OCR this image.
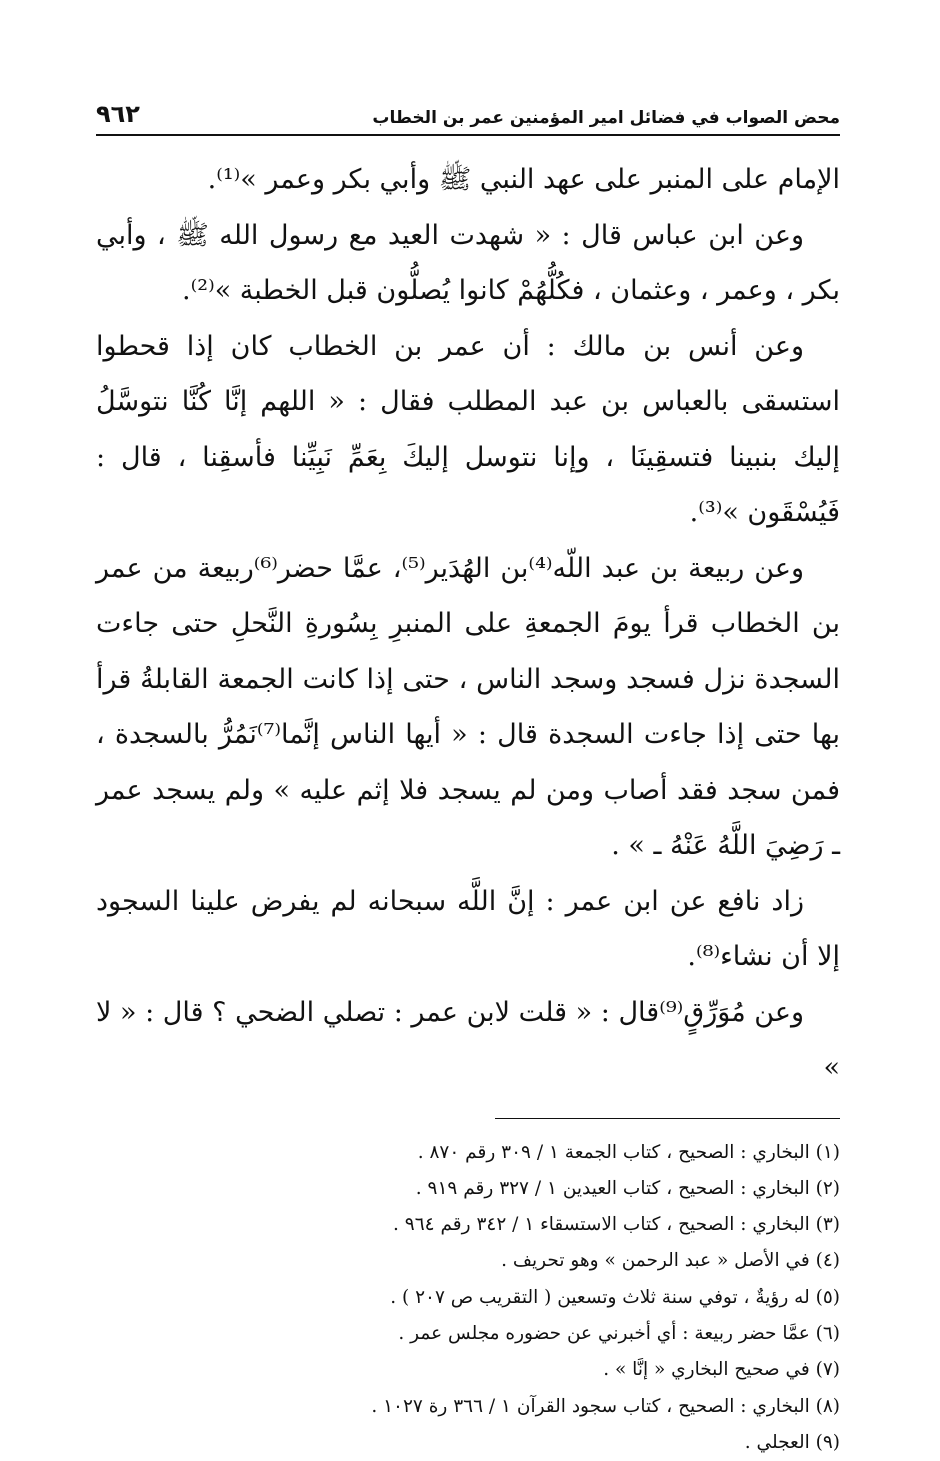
محض الصواب في فضائل امير المؤمنين عمر بن الخطاب
٩٦٢

الإمام على المنبر على عهد النبي ﷺ وأبي بكر وعمر »⁽¹⁾.

وعن ابن عباس قال : « شهدت العيد مع رسول الله ﷺ ، وأبي بكر ، وعمر ، وعثمان ، فكُلُّهُمْ كانوا يُصلُّون قبل الخطبة »⁽²⁾.

وعن أنس بن مالك : أن عمر بن الخطاب كان إذا قحطوا استسقى بالعباس بن عبد المطلب فقال : « اللهم إنَّا كُنَّا نتوسَّلُ إليك بنبينا فتسقِينَا ، وإنا نتوسل إليكَ بِعَمِّ نَبِيِّنا فأسقِنا ، قال : فَيُسْقَون »⁽³⁾.

وعن ربيعة بن عبد اللّه⁽⁴⁾بن الهُدَير⁽⁵⁾، عمَّا حضر⁽⁶⁾ربيعة من عمر بن الخطاب قرأ يومَ الجمعةِ على المنبرِ بِسُورةِ النَّحلِ حتى جاءت السجدة نزل فسجد وسجد الناس ، حتى إذا كانت الجمعة القابلةُ قرأ بها حتى إذا جاءت السجدة قال : « أيها الناس إنَّما⁽⁷⁾نَمُرُّ بالسجدة ، فمن سجد فقد أصاب ومن لم يسجد فلا إثم عليه » ولم يسجد عمر ـ رَضِيَ اللَّهُ عَنْهُ ـ » .

زاد نافع عن ابن عمر : إنَّ اللَّه سبحانه لم يفرض علينا السجود إلا أن نشاء⁽⁸⁾.

وعن مُوَرِّقٍ⁽⁹⁾قال : « قلت لابن عمر : تصلي الضحي ؟ قال : « لا »

(١) البخاري : الصحيح ، كتاب الجمعة ١ / ٣٠٩ رقم ٨٧٠ .

(٢) البخاري : الصحيح ، كتاب العيدين ١ / ٣٢٧ رقم ٩١٩ .

(٣) البخاري : الصحيح ، كتاب الاستسقاء ١ / ٣٤٢ رقم ٩٦٤ .

(٤) في الأصل « عبد الرحمن » وهو تحريف .

(٥) له رؤيةٌ ، توفي سنة ثلاث وتسعين ( التقريب ص ٢٠٧ ) .

(٦) عمَّا حضر ربيعة : أي أخبرني عن حضوره مجلس عمر .

(٧) في صحيح البخاري « إنَّا » .

(٨) البخاري : الصحيح ، كتاب سجود القرآن ١ / ٣٦٦ رة ١٠٢٧ .

(٩) العجلي .
